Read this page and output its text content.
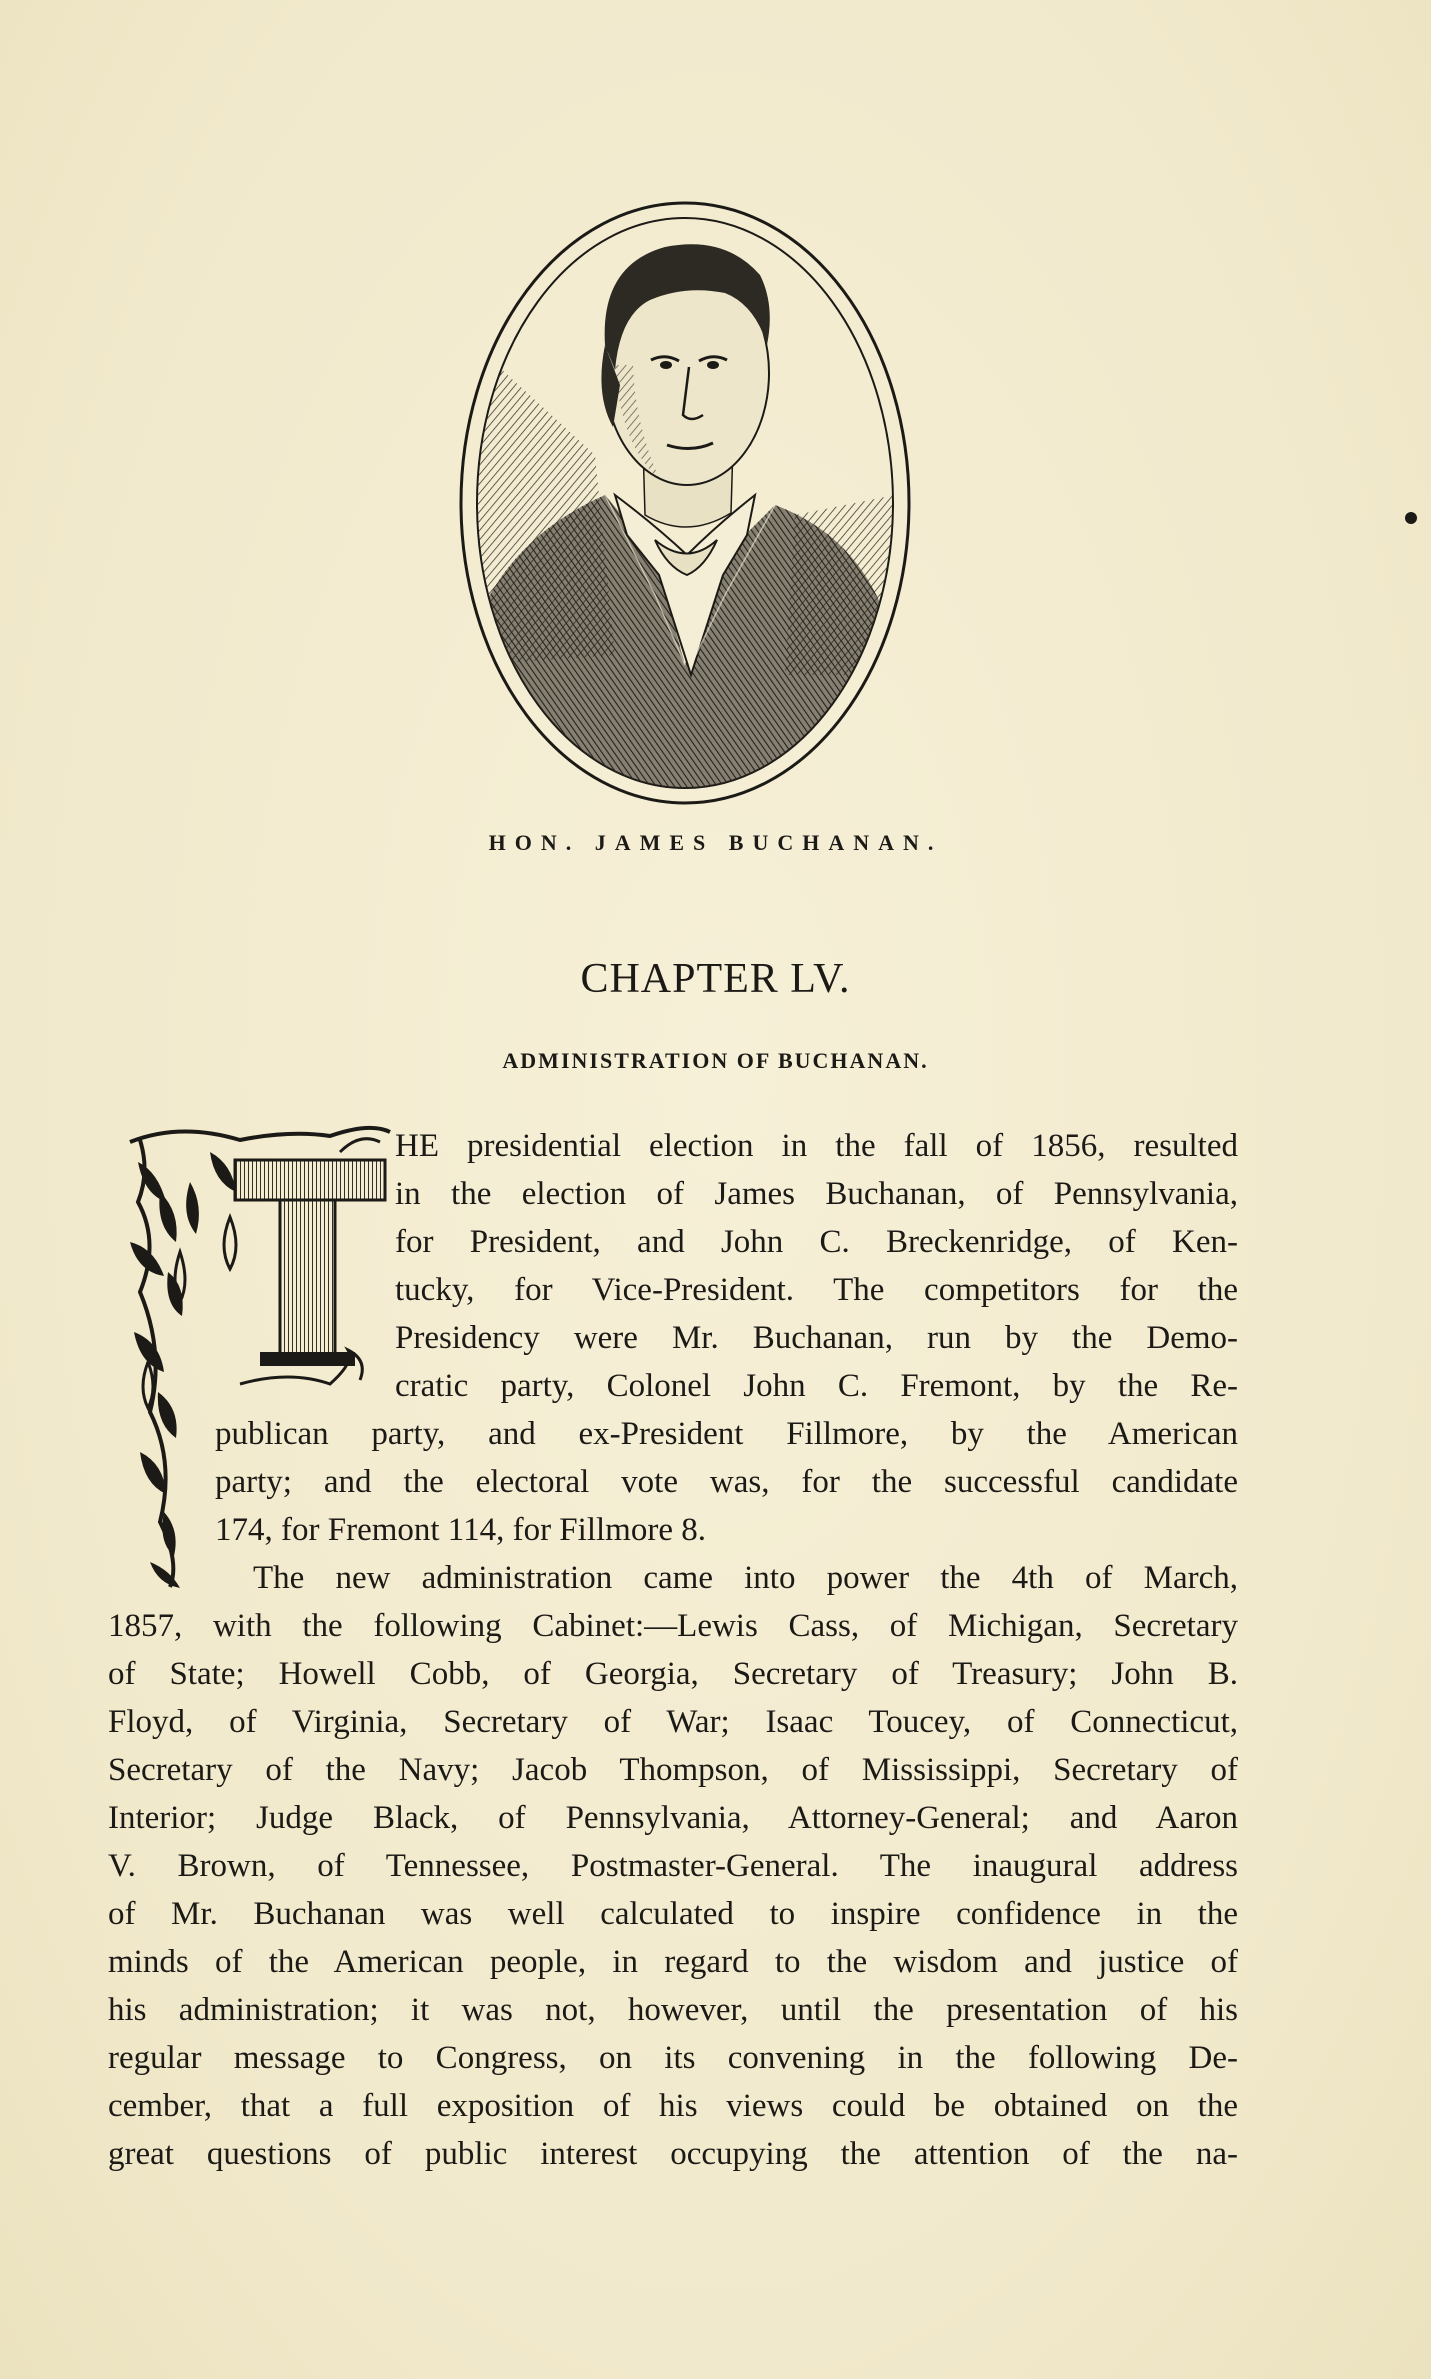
HON. JAMES BUCHANAN.
CHAPTER LV.
ADMINISTRATION OF BUCHANAN.

HE presidential election in the fall of 1856, resulted

in the election of James Buchanan, of Pennsylvania,

for President, and John C. Breckenridge, of Ken-

tucky, for Vice-President. The competitors for the

Presidency were Mr. Buchanan, run by the Demo-

cratic party, Colonel John C. Fremont, by the Re-

publican party, and ex-President Fillmore, by the American

party; and the electoral vote was, for the successful candidate

174, for Fremont 114, for Fillmore 8.

The new administration came into power the 4th of March,

1857, with the following Cabinet:—Lewis Cass, of Michigan, Secretary

of State; Howell Cobb, of Georgia, Secretary of Treasury; John B.

Floyd, of Virginia, Secretary of War; Isaac Toucey, of Connecticut,

Secretary of the Navy; Jacob Thompson, of Mississippi, Secretary of

Interior; Judge Black, of Pennsylvania, Attorney-General; and Aaron

V. Brown, of Tennessee, Postmaster-General. The inaugural address

of Mr. Buchanan was well calculated to inspire confidence in the

minds of the American people, in regard to the wisdom and justice of

his administration; it was not, however, until the presentation of his

regular message to Congress, on its convening in the following De-

cember, that a full exposition of his views could be obtained on the

great questions of public interest occupying the attention of the na-
